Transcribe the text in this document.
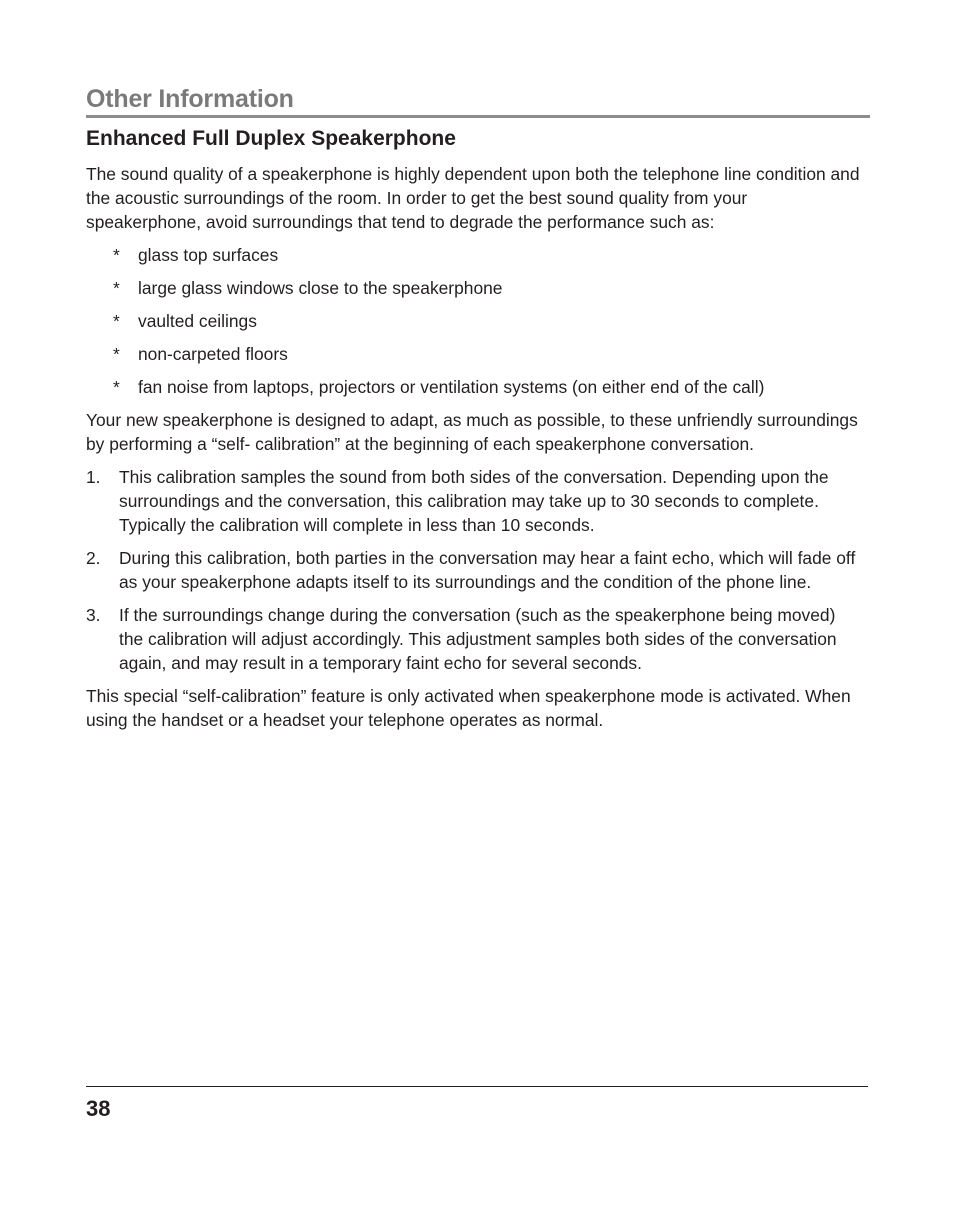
Other Information
Enhanced Full Duplex Speakerphone

The sound quality of a speakerphone is highly dependent upon both the telephone line condition and the acoustic surroundings of the room. In order to get the best sound quality from your speakerphone, avoid surroundings that tend to degrade the performance such as:

* glass top surfaces
* large glass windows close to the speakerphone
* vaulted ceilings
* non-carpeted floors
* fan noise from laptops, projectors or ventilation systems (on either end of the call)

Your new speakerphone is designed to adapt, as much as possible, to these unfriendly surroundings by performing a “self- calibration” at the beginning of each speakerphone conversation.

1. This calibration samples the sound from both sides of the conversation. Depending upon the surroundings and the conversation, this calibration may take up to 30 seconds to complete. Typically the calibration will complete in less than 10 seconds.
2. During this calibration, both parties in the conversation may hear a faint echo, which will fade off as your speakerphone adapts itself to its surroundings and the condition of the phone line.
3. If the surroundings change during the conversation (such as the speakerphone being moved) the calibration will adjust accordingly. This adjustment samples both sides of the conversation again, and may result in a temporary faint echo for several seconds.

This special “self-calibration” feature is only activated when speakerphone mode is activated. When using the handset or a headset your telephone operates as normal.

38
